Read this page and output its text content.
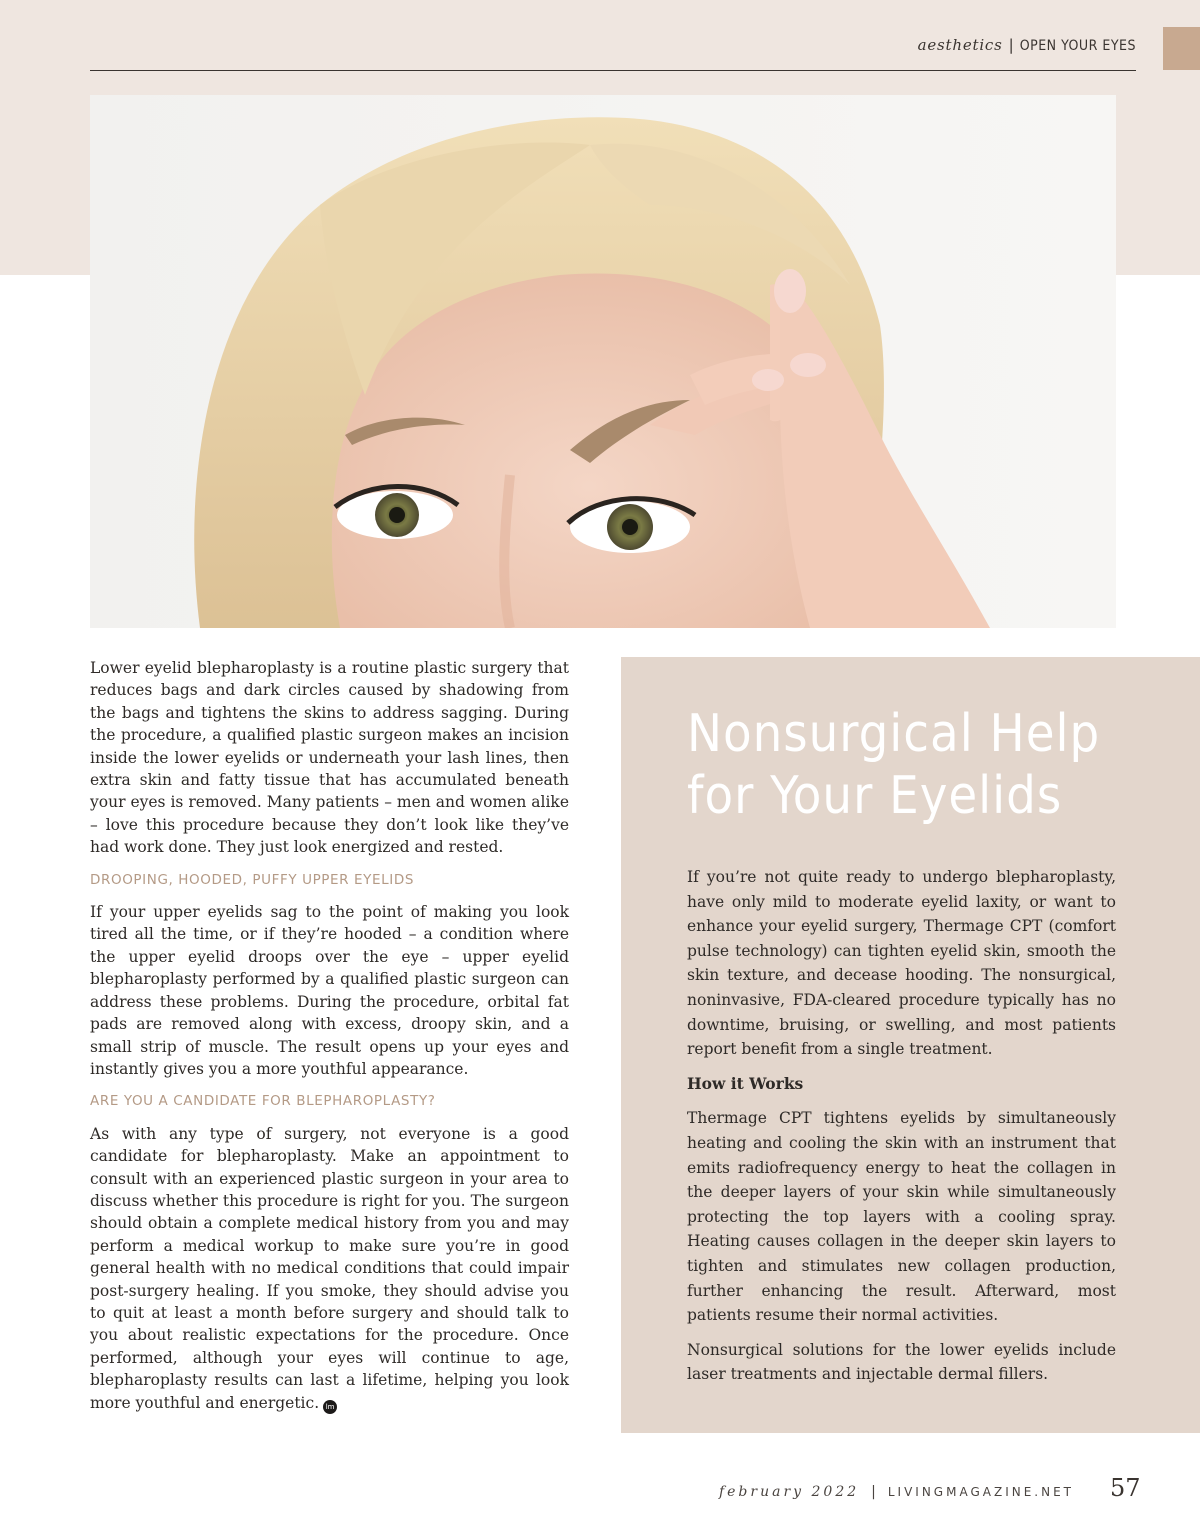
aesthetics | OPEN YOUR EYES

Lower eyelid blepharoplasty is a routine plastic surgery that reduces bags and dark circles caused by shadowing from the bags and tightens the skins to address sagging. During the procedure, a qualified plastic surgeon makes an incision inside the lower eyelids or underneath your lash lines, then extra skin and fatty tissue that has accumulated beneath your eyes is removed. Many patients – men and women alike – love this procedure because they don’t look like they’ve had work done. They just look energized and rested.

DROOPING, HOODED, PUFFY UPPER EYELIDS

If your upper eyelids sag to the point of making you look tired all the time, or if they’re hooded – a condition where the upper eyelid droops over the eye – upper eyelid blepharoplasty performed by a qualified plastic surgeon can address these problems. During the procedure, orbital fat pads are removed along with excess, droopy skin, and a small strip of muscle. The result opens up your eyes and instantly gives you a more youthful appearance.

ARE YOU A CANDIDATE FOR BLEPHAROPLASTY?

As with any type of surgery, not everyone is a good candidate for blepharoplasty. Make an appointment to consult with an experienced plastic surgeon in your area to discuss whether this procedure is right for you. The surgeon should obtain a complete medical history from you and may perform a medical workup to make sure you’re in good general health with no medical conditions that could impair post-surgery healing. If you smoke, they should advise you to quit at least a month before surgery and should talk to you about realistic expectations for the procedure. Once performed, although your eyes will continue to age, blepharoplasty results can last a lifetime, helping you look more youthful and energetic. lm

Nonsurgical Help
for Your Eyelids

If you’re not quite ready to undergo blepharoplasty, have only mild to moderate eyelid laxity, or want to enhance your eyelid surgery, Thermage CPT (comfort pulse technology) can tighten eyelid skin, smooth the skin texture, and decease hooding. The nonsurgical, noninvasive, FDA-cleared procedure typically has no downtime, bruising, or swelling, and most patients report benefit from a single treatment.

How it Works

Thermage CPT tightens eyelids by simultaneously heating and cooling the skin with an instrument that emits radiofrequency energy to heat the collagen in the deeper layers of your skin while simultaneously protecting the top layers with a cooling spray. Heating causes collagen in the deeper skin layers to tighten and stimulates new collagen production, further enhancing the result. Afterward, most patients resume their normal activities.

Nonsurgical solutions for the lower eyelids include laser treatments and injectable dermal fillers.

february 2022 | LIVINGMAGAZINE.NET 57
